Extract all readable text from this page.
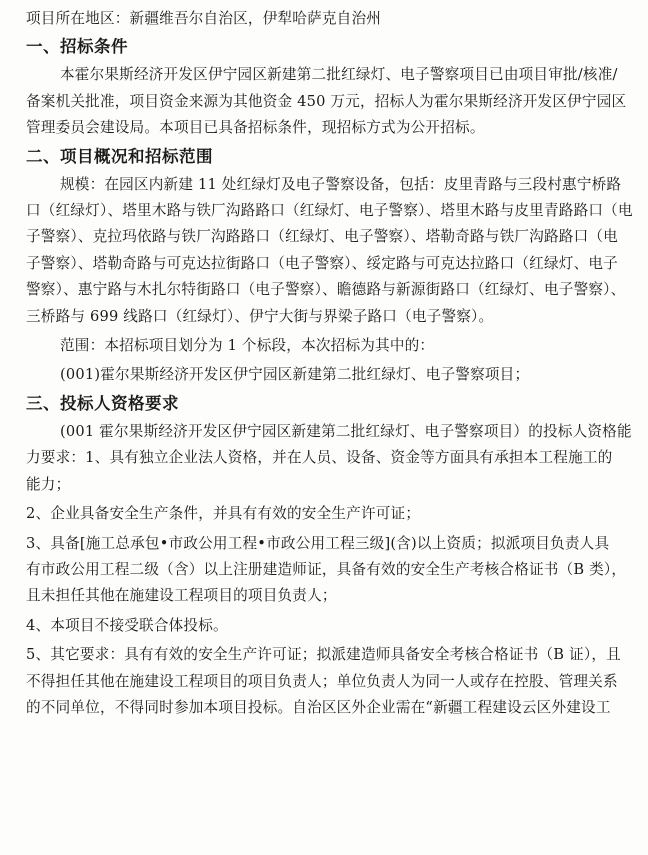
项目所在地区：新疆维吾尔自治区，伊犁哈萨克自治州
一、招标条件
本霍尔果斯经济开发区伊宁园区新建第二批红绿灯、电子警察项目已由项目审批/核准/
备案机关批准，项目资金来源为其他资金 450 万元，招标人为霍尔果斯经济开发区伊宁园区
管理委员会建设局。本项目已具备招标条件，现招标方式为公开招标。
二、项目概况和招标范围
规模：在园区内新建 11 处红绿灯及电子警察设备，包括：皮里青路与三段村惠宁桥路
口（红绿灯）、塔里木路与铁厂沟路路口（红绿灯、电子警察）、塔里木路与皮里青路路口（电
子警察）、克拉玛依路与铁厂沟路路口（红绿灯、电子警察）、塔勒奇路与铁厂沟路路口（电
子警察）、塔勒奇路与可克达拉街路口（电子警察）、绥定路与可克达拉路口（红绿灯、电子
警察）、惠宁路与木扎尔特街路口（电子警察）、瞻德路与新源街路口（红绿灯、电子警察）、
三桥路与 699 线路口（红绿灯）、伊宁大街与界梁子路口（电子警察）。
范围：本招标项目划分为 1 个标段，本次招标为其中的：
(001)霍尔果斯经济开发区伊宁园区新建第二批红绿灯、电子警察项目；
三、投标人资格要求
(001 霍尔果斯经济开发区伊宁园区新建第二批红绿灯、电子警察项目）的投标人资格能
力要求：1、具有独立企业法人资格，并在人员、设备、资金等方面具有承担本工程施工的
能力；
2、企业具备安全生产条件，并具有有效的安全生产许可证；
3、具备[施工总承包•市政公用工程•市政公用工程三级](含)以上资质；拟派项目负责人具
有市政公用工程二级（含）以上注册建造师证，具备有效的安全生产考核合格证书（B 类），
且未担任其他在施建设工程项目的项目负责人；
4、本项目不接受联合体投标。
5、其它要求：具有有效的安全生产许可证；拟派建造师具备安全考核合格证书（B 证），且
不得担任其他在施建设工程项目的项目负责人；单位负责人为同一人或存在控股、管理关系
的不同单位，不得同时参加本项目投标。自治区区外企业需在“新疆工程建设云区外建设工
